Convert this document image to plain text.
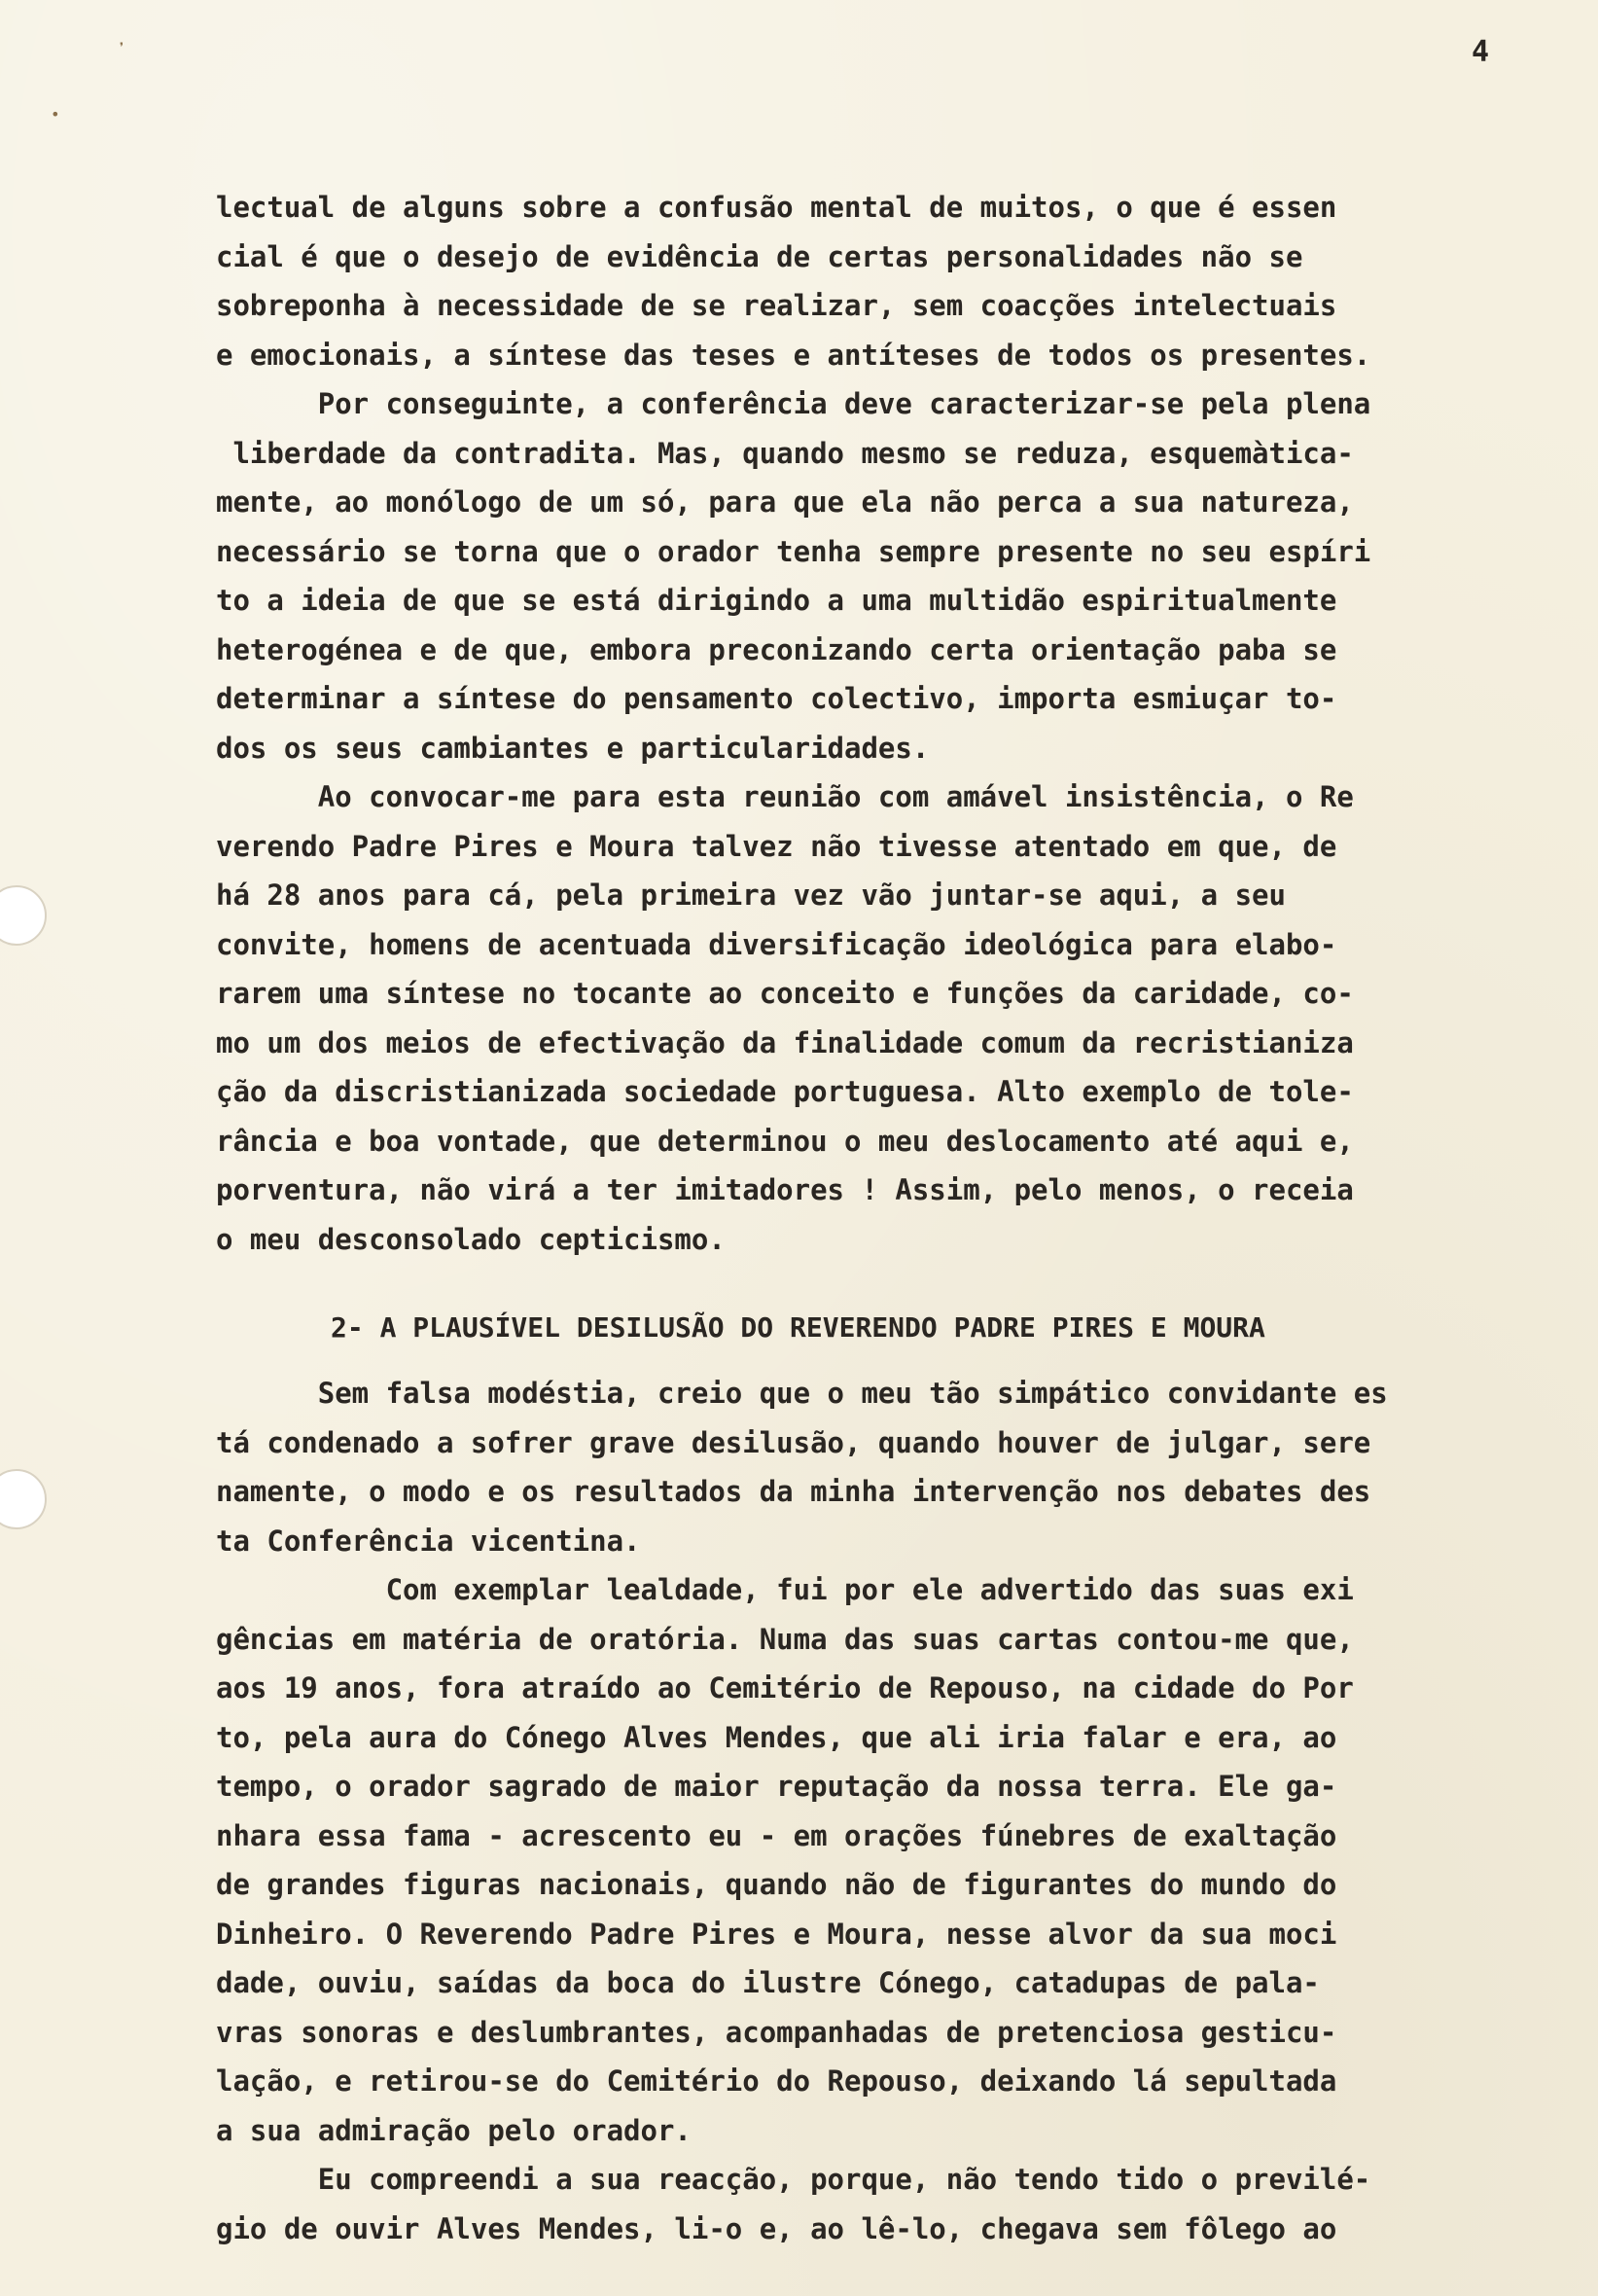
❜
•
4
lectual de alguns sobre a confusão mental de muitos, o que é essen
cial é que o desejo de evidência de certas personalidades não se
sobreponha à necessidade de se realizar, sem coacções intelectuais
e emocionais, a síntese das teses e antíteses de todos os presentes.
Por conseguinte, a conferência deve caracterizar-se pela plena
liberdade da contradita. Mas, quando mesmo se reduza, esquemàtica-
mente, ao monólogo de um só, para que ela não perca a sua natureza,
necessário se torna que o orador tenha sempre presente no seu espíri
to a ideia de que se está dirigindo a uma multidão espiritualmente
heterogénea e de que, embora preconizando certa orientação paba se
determinar a síntese do pensamento colectivo, importa esmiuçar to-
dos os seus cambiantes e particularidades.
Ao convocar-me para esta reunião com amável insistência, o Re
verendo Padre Pires e Moura talvez não tivesse atentado em que, de
há 28 anos para cá, pela primeira vez vão juntar-se aqui, a seu
convite, homens de acentuada diversificação ideológica para elabo-
rarem uma síntese no tocante ao conceito e funções da caridade, co-
mo um dos meios de efectivação da finalidade comum da recristianiza
ção da discristianizada sociedade portuguesa. Alto exemplo de tole-
rância e boa vontade, que determinou o meu deslocamento até aqui e,
porventura, não virá a ter imitadores ! Assim, pelo menos, o receia
o meu desconsolado cepticismo.
2- A PLAUSÍVEL DESILUSÃO DO REVERENDO PADRE PIRES E MOURA
Sem falsa modéstia, creio que o meu tão simpático convidante es
tá condenado a sofrer grave desilusão, quando houver de julgar, sere
namente, o modo e os resultados da minha intervenção nos debates des
ta Conferência vicentina.
Com exemplar lealdade, fui por ele advertido das suas exi
gências em matéria de oratória. Numa das suas cartas contou-me que,
aos 19 anos, fora atraído ao Cemitério de Repouso, na cidade do Por
to, pela aura do Cónego Alves Mendes, que ali iria falar e era, ao
tempo, o orador sagrado de maior reputação da nossa terra. Ele ga-
nhara essa fama - acrescento eu - em orações fúnebres de exaltação
de grandes figuras nacionais, quando não de figurantes do mundo do
Dinheiro. O Reverendo Padre Pires e Moura, nesse alvor da sua moci
dade, ouviu, saídas da boca do ilustre Cónego, catadupas de pala-
vras sonoras e deslumbrantes, acompanhadas de pretenciosa gesticu-
lação, e retirou-se do Cemitério do Repouso, deixando lá sepultada
a sua admiração pelo orador.
Eu compreendi a sua reacção, porque, não tendo tido o previlé-
gio de ouvir Alves Mendes, li-o e, ao lê-lo, chegava sem fôlego ao
